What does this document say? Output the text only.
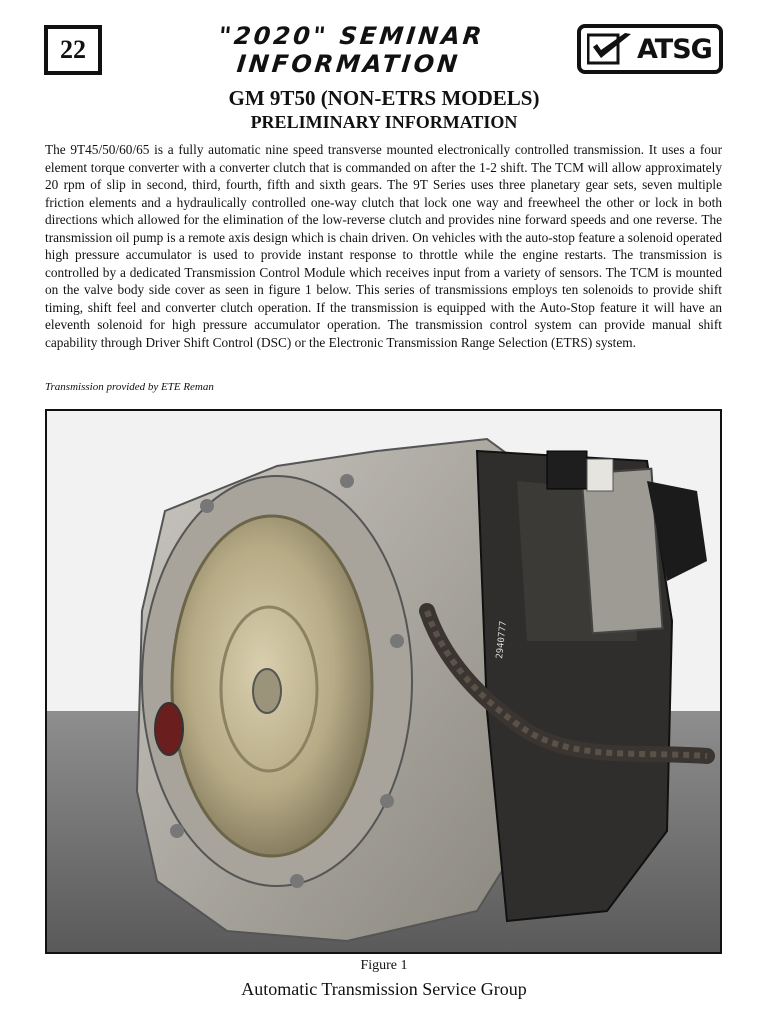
22	"2020" SEMINAR INFORMATION	ATSG
GM 9T50 (NON-ETRS MODELS)
PRELIMINARY INFORMATION

The 9T45/50/60/65 is a fully automatic nine speed transverse mounted electronically controlled transmission. It uses a four element torque converter with a converter clutch that is commanded on after the 1-2 shift. The TCM will allow approximately 20 rpm of slip in second, third, fourth, fifth and sixth gears. The 9T Series uses three planetary gear sets, seven multiple friction elements and a hydraulically controlled one-way clutch that lock one way and freewheel the other or lock in both directions which allowed for the elimination of the low-reverse clutch and provides nine forward speeds and one reverse. The transmission oil pump is a remote axis design which is chain driven. On vehicles with the auto-stop feature a solenoid operated high pressure accumulator is used to provide instant response to throttle while the engine restarts. The transmission is controlled by a dedicated Transmission Control Module which receives input from a variety of sensors. The TCM is mounted on the valve body side cover as seen in figure 1 below. This series of transmissions employs ten solenoids to provide shift timing, shift feel and converter clutch operation. If the transmission is equipped with the Auto-Stop feature it will have an eleventh solenoid for high pressure accumulator operation. The transmission control system can provide manual shift capability through Driver Shift Control (DSC) or the Electronic Transmission Range Selection (ETRS) system.

Transmission provided by ETE Reman
2940777
Figure 1
Automatic Transmission Service Group
